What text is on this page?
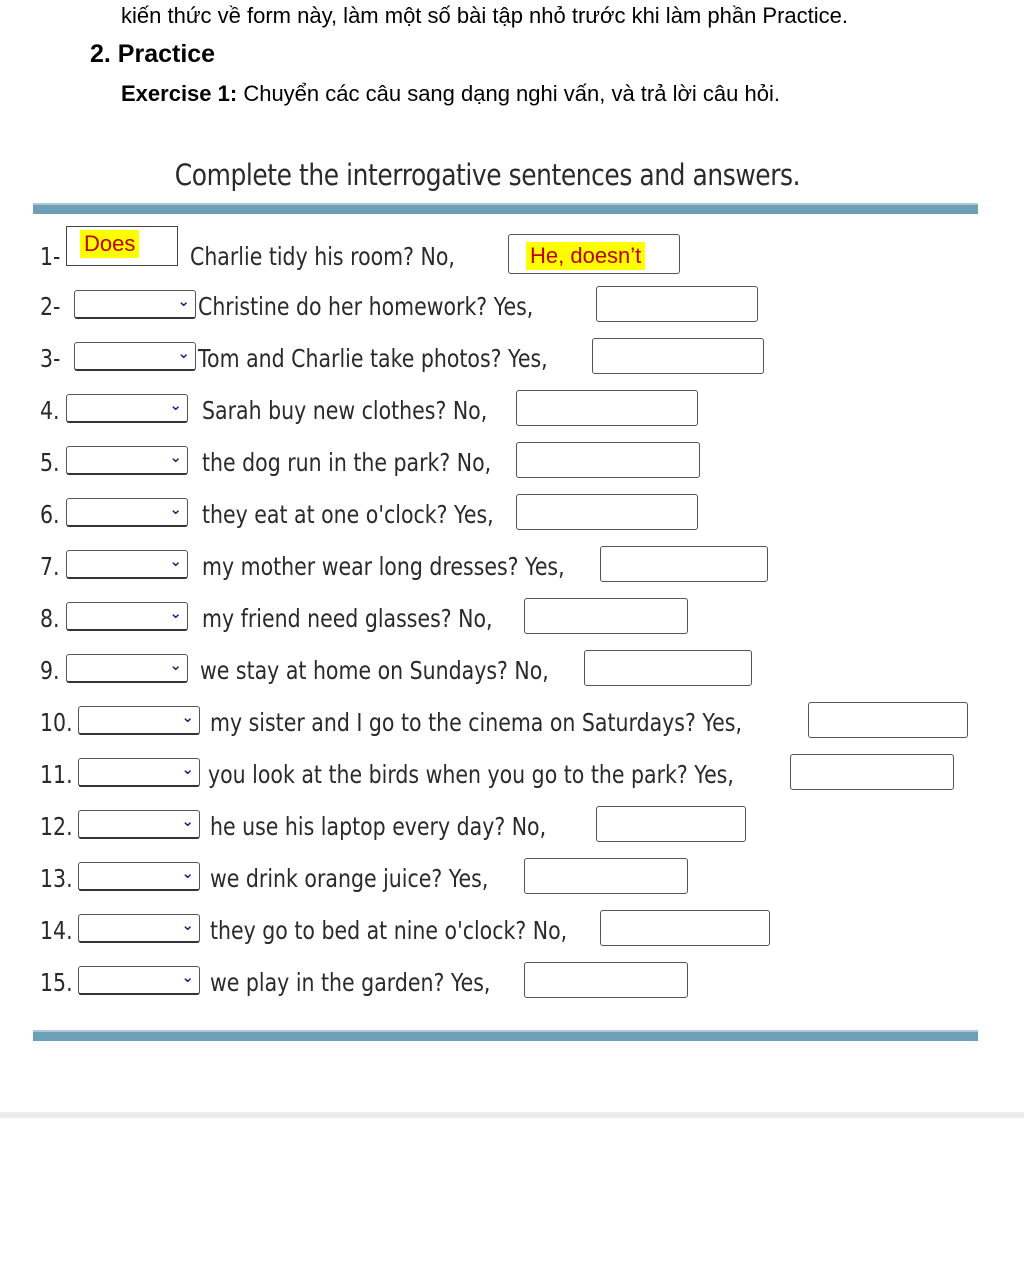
kiến thức về form này, làm một số bài tập nhỏ trước khi làm phần Practice.
2. Practice
Exercise 1: Chuyển các câu sang dạng nghi vấn, và trả lời câu hỏi.
Complete the interrogative sentences and answers.
1- Does Charlie tidy his room? No,	He, doesn’t
2-	⌄ Christine do her homework? Yes,
3-	⌄ Tom and Charlie take photos? Yes,
4.	⌄ Sarah buy new clothes? No,
5.	⌄ the dog run in the park? No,
6.	⌄ they eat at one o'clock? Yes,
7.	⌄ my mother wear long dresses? Yes,
8.	⌄ my friend need glasses? No,
9.	⌄ we stay at home on Sundays? No,
10.	⌄ my sister and I go to the cinema on Saturdays? Yes,
11.	⌄ you look at the birds when you go to the park? Yes,
12.	⌄ he use his laptop every day? No,
13.	⌄ we drink orange juice? Yes,
14.	⌄ they go to bed at nine o'clock? No,
15.	⌄ we play in the garden? Yes,
